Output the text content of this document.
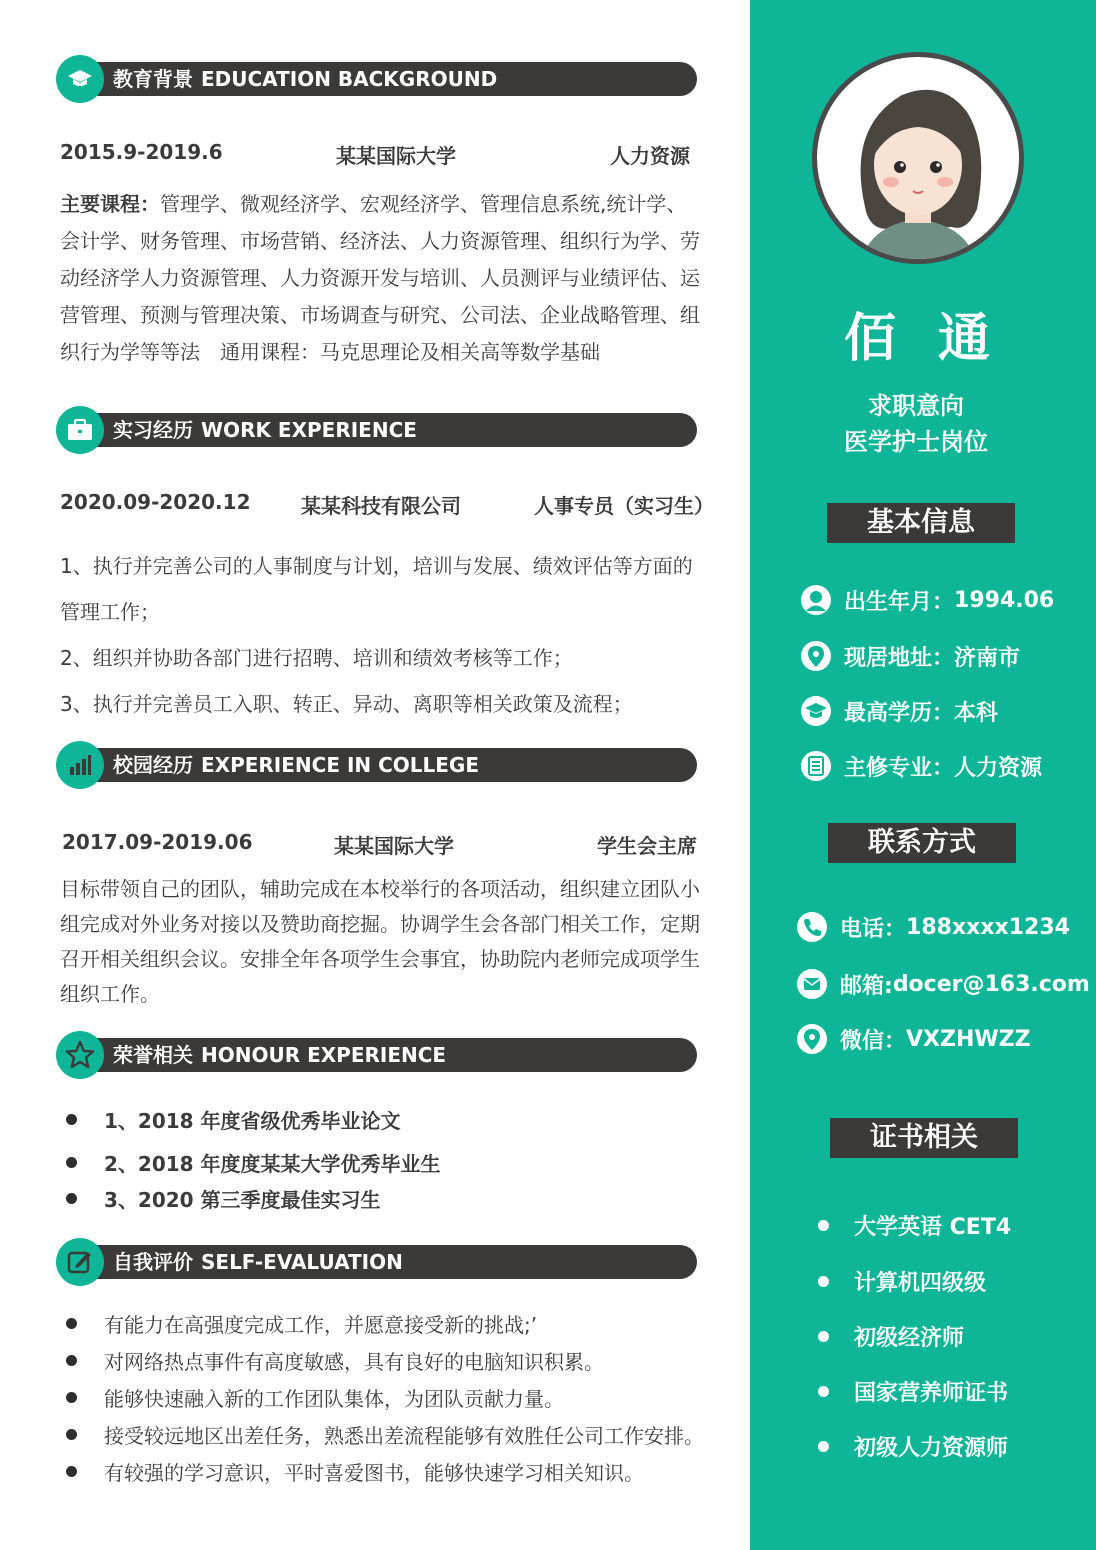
教育背景 EDUCATION BACKGROUND
2015.9-2019.6	某某国际大学	人力资源
主要课程：管理学、微观经济学、宏观经济学、管理信息系统,统计学、
会计学、财务管理、市场营销、经济法、人力资源管理、组织行为学、劳
动经济学人力资源管理、人力资源开发与培训、人员测评与业绩评估、运
营管理、预测与管理决策、市场调查与研究、公司法、企业战略管理、组
织行为学等等法　通用课程：马克思理论及相关高等数学基础
实习经历 WORK EXPERIENCE
2020.09-2020.12	某某科技有限公司	人事专员（实习生）
1、执行并完善公司的人事制度与计划，培训与发展、绩效评估等方面的
管理工作；
2、组织并协助各部门进行招聘、培训和绩效考核等工作；
3、执行并完善员工入职、转正、异动、离职等相关政策及流程；
校园经历 EXPERIENCE IN COLLEGE
2017.09-2019.06	某某国际大学	学生会主席
目标带领自己的团队，辅助完成在本校举行的各项活动，组织建立团队小
组完成对外业务对接以及赞助商挖掘。协调学生会各部门相关工作，定期
召开相关组织会议。安排全年各项学生会事宜，协助院内老师完成项学生
组织工作。
荣誉相关 HONOUR EXPERIENCE
1、2018 年度省级优秀毕业论文
2、2018 年度度某某大学优秀毕业生
3、2020 第三季度最佳实习生
自我评价 SELF-EVALUATION
有能力在高强度完成工作，并愿意接受新的挑战;’
对网络热点事件有高度敏感，具有良好的电脑知识积累。
能够快速融入新的工作团队集体，为团队贡献力量。
接受较远地区出差任务，熟悉出差流程能够有效胜任公司工作安排。
有较强的学习意识，平时喜爱图书，能够快速学习相关知识。
佰 通
求职意向
医学护士岗位
基本信息
出生年月： 1994.06
现居地址： 济南市
最高学历： 本科
主修专业： 人力资源
联系方式
电话： 188xxxx1234
邮箱: docer@163.com
微信： VXZHWZZ
证书相关
大学英语 CET4
计算机四级级
初级经济师
国家营养师证书
初级人力资源师
